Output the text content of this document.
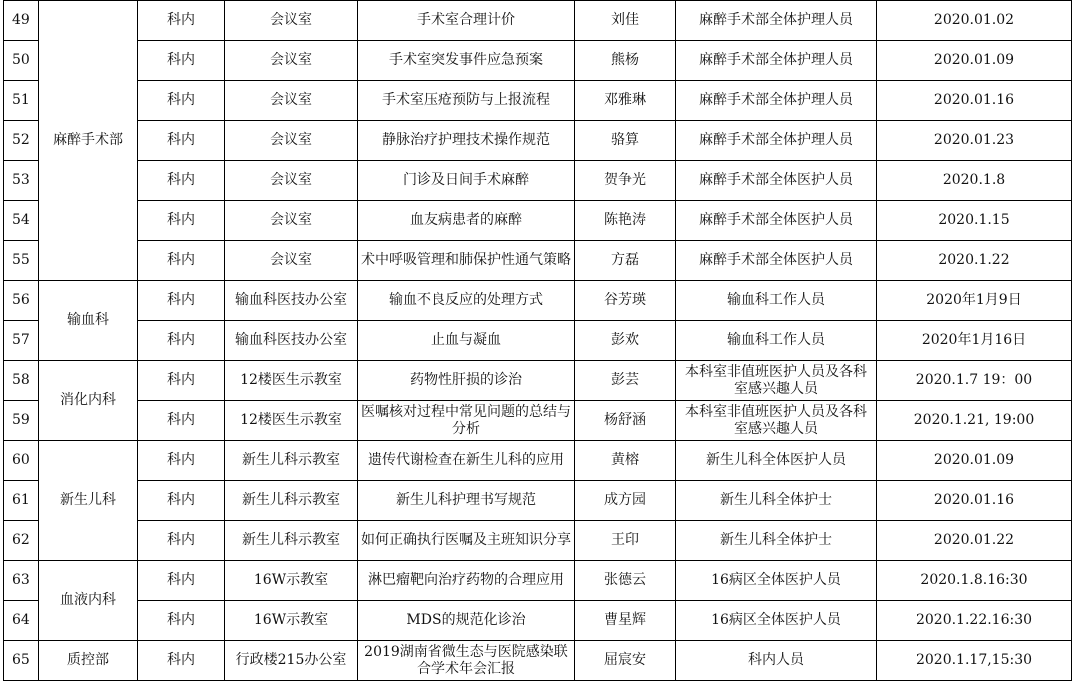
49	麻醉手术部	科内	会议室	手术室合理计价	刘佳	麻醉手术部全体护理人员	2020.01.02
50		科内	会议室	手术室突发事件应急预案	熊杨	麻醉手术部全体护理人员	2020.01.09
51		科内	会议室	手术室压疮预防与上报流程	邓雅琳	麻醉手术部全体护理人员	2020.01.16
52		科内	会议室	静脉治疗护理技术操作规范	骆算	麻醉手术部全体护理人员	2020.01.23
53		科内	会议室	门诊及日间手术麻醉	贺争光	麻醉手术部全体医护人员	2020.1.8
54		科内	会议室	血友病患者的麻醉	陈艳涛	麻醉手术部全体医护人员	2020.1.15
55		科内	会议室	术中呼吸管理和肺保护性通气策略	方磊	麻醉手术部全体医护人员	2020.1.22
56	输血科	科内	输血科医技办公室	输血不良反应的处理方式	谷芳瑛	输血科工作人员	2020年1月9日
57		科内	输血科医技办公室	止血与凝血	彭欢	输血科工作人员	2020年1月16日
58	消化内科	科内	12楼医生示教室	药物性肝损的诊治	彭芸	本科室非值班医护人员及各科室感兴趣人员	2020.1.7 19：00
59		科内	12楼医生示教室	医嘱核对过程中常见问题的总结与分析	杨舒涵	本科室非值班医护人员及各科室感兴趣人员	2020.1.21, 19:00
60	新生儿科	科内	新生儿科示教室	遗传代谢检查在新生儿科的应用	黄榕	新生儿科全体医护人员	2020.01.09
61		科内	新生儿科示教室	新生儿科护理书写规范	成方园	新生儿科全体护士	2020.01.16
62		科内	新生儿科示教室	如何正确执行医嘱及主班知识分享	王印	新生儿科全体护士	2020.01.22
63	血液内科	科内	16W示教室	淋巴瘤靶向治疗药物的合理应用	张德云	16病区全体医护人员	2020.1.8.16:30
64		科内	16W示教室	MDS的规范化诊治	曹星辉	16病区全体医护人员	2020.1.22.16:30
65	质控部	科内	行政楼215办公室	2019湖南省微生态与医院感染联合学术年会汇报	屈宸安	科内人员	2020.1.17,15:30
